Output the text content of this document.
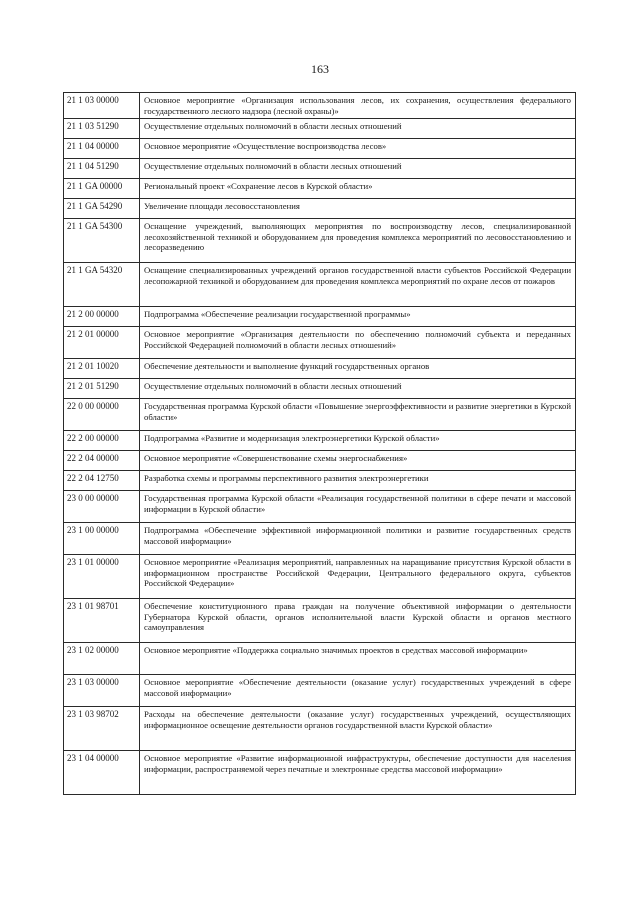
163
21 1 03 00000	Основное мероприятие «Организация использования лесов, их сохранения, осуществления федерального государственного лесного надзора (лесной охраны)»
21 1 03 51290	Осуществление отдельных полномочий в области лесных отношений
21 1 04 00000	Основное мероприятие «Осуществление воспроизводства лесов»
21 1 04 51290	Осуществление отдельных полномочий в области лесных отношений
21 1 GA 00000	Региональный проект «Сохранение лесов в Курской области»
21 1 GA 54290	Увеличение площади лесовосстановления
21 1 GA 54300	Оснащение учреждений, выполняющих мероприятия по воспроизводству лесов, специализированной лесохозяйственной техникой и оборудованием для проведения комплекса мероприятий по лесовосстановлению и лесоразведению
21 1 GA 54320	Оснащение специализированных учреждений органов государственной власти субъектов Российской Федерации лесопожарной техникой и оборудованием для проведения комплекса мероприятий по охране лесов от пожаров
21 2 00 00000	Подпрограмма «Обеспечение реализации государственной программы»
21 2 01 00000	Основное мероприятие «Организация деятельности по обеспечению полномочий субъекта и переданных Российской Федерацией полномочий в области лесных отношений»
21 2 01 10020	Обеспечение деятельности и выполнение функций государственных органов
21 2 01 51290	Осуществление отдельных полномочий в области лесных отношений
22 0 00 00000	Государственная программа Курской области «Повышение энергоэффективности и развитие энергетики в Курской области»
22 2 00 00000	Подпрограмма «Развитие и модернизация электроэнергетики Курской области»
22 2 04 00000	Основное мероприятие «Совершенствование схемы энергоснабжения»
22 2 04 12750	Разработка схемы и программы перспективного развития электроэнергетики
23 0 00 00000	Государственная программа Курской области «Реализация государственной политики в сфере печати и массовой информации в Курской области»
23 1 00 00000	Подпрограмма «Обеспечение эффективной информационной политики и развитие государственных средств массовой информации»
23 1 01 00000	Основное мероприятие «Реализация мероприятий, направленных на наращивание присутствия Курской области в информационном пространстве Российской Федерации, Центрального федерального округа, субъектов Российской Федерации»
23 1 01 98701	Обеспечение конституционного права граждан на получение объективной информации о деятельности Губернатора Курской области, органов исполнительной власти Курской области и органов местного самоуправления
23 1 02 00000	Основное мероприятие «Поддержка социально значимых проектов в средствах массовой информации»
23 1 03 00000	Основное мероприятие «Обеспечение деятельности (оказание услуг) государственных учреждений в сфере массовой информации»
23 1 03 98702	Расходы на обеспечение деятельности (оказание услуг) государственных учреждений, осуществляющих информационное освещение деятельности органов государственной власти Курской области»
23 1 04 00000	Основное мероприятие «Развитие информационной инфраструктуры, обеспечение доступности для населения информации, распространяемой через печатные и электронные средства массовой информации»
